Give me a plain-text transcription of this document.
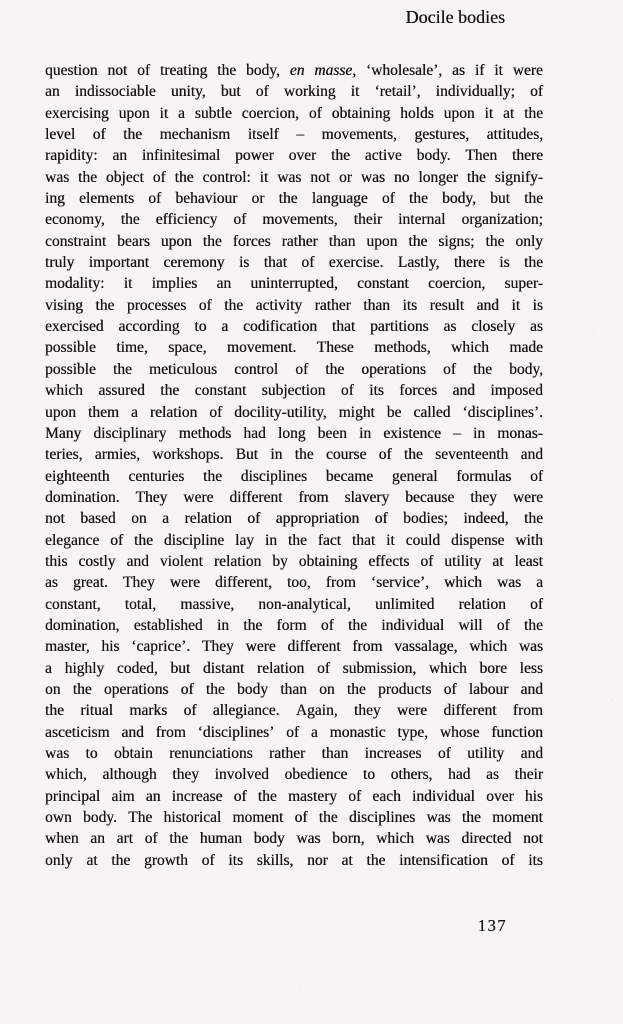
Docile bodies
question not of treating the body, en masse, ‘wholesale’, as if it were
an indissociable unity, but of working it ‘retail’, individually; of
exercising upon it a subtle coercion, of obtaining holds upon it at the
level of the mechanism itself – movements, gestures, attitudes,
rapidity: an infinitesimal power over the active body. Then there
was the object of the control: it was not or was no longer the signify-
ing elements of behaviour or the language of the body, but the
economy, the efficiency of movements, their internal organization;
constraint bears upon the forces rather than upon the signs; the only
truly important ceremony is that of exercise. Lastly, there is the
modality: it implies an uninterrupted, constant coercion, super-
vising the processes of the activity rather than its result and it is
exercised according to a codification that partitions as closely as
possible time, space, movement. These methods, which made
possible the meticulous control of the operations of the body,
which assured the constant subjection of its forces and imposed
upon them a relation of docility-utility, might be called ‘disciplines’.
Many disciplinary methods had long been in existence – in monas-
teries, armies, workshops. But in the course of the seventeenth and
eighteenth centuries the disciplines became general formulas of
domination. They were different from slavery because they were
not based on a relation of appropriation of bodies; indeed, the
elegance of the discipline lay in the fact that it could dispense with
this costly and violent relation by obtaining effects of utility at least
as great. They were different, too, from ‘service’, which was a
constant, total, massive, non-analytical, unlimited relation of
domination, established in the form of the individual will of the
master, his ‘caprice’. They were different from vassalage, which was
a highly coded, but distant relation of submission, which bore less
on the operations of the body than on the products of labour and
the ritual marks of allegiance. Again, they were different from
asceticism and from ‘disciplines’ of a monastic type, whose function
was to obtain renunciations rather than increases of utility and
which, although they involved obedience to others, had as their
principal aim an increase of the mastery of each individual over his
own body. The historical moment of the disciplines was the moment
when an art of the human body was born, which was directed not
only at the growth of its skills, nor at the intensification of its
137
